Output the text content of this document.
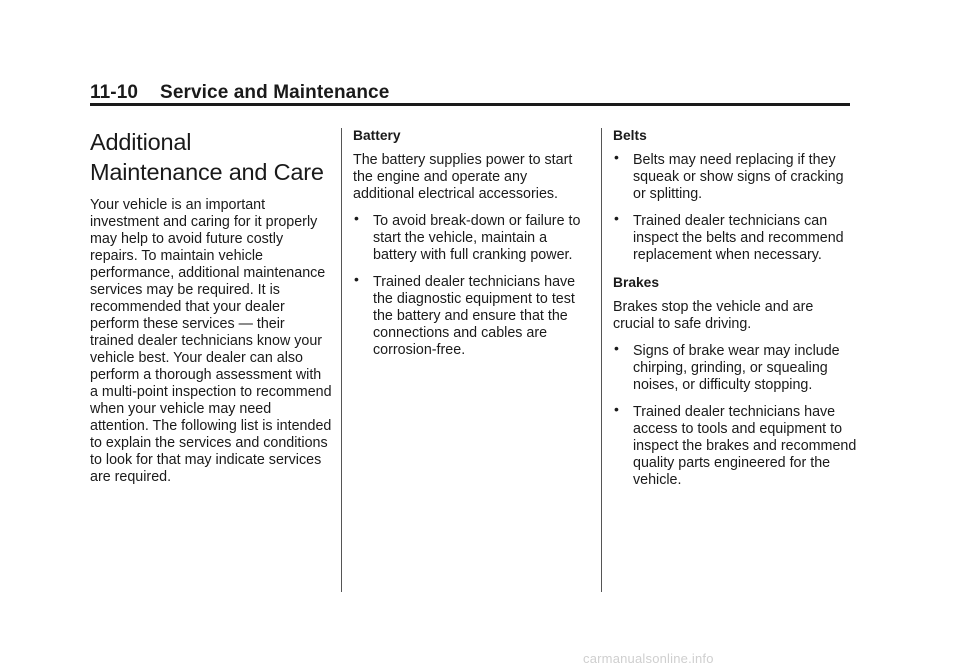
11-10 Service and Maintenance
Additional
Maintenance and Care

Your vehicle is an important investment and caring for it properly may help to avoid future costly repairs. To maintain vehicle performance, additional maintenance services may be required. It is recommended that your dealer perform these services — their trained dealer technicians know your vehicle best. Your dealer can also perform a thorough assessment with a multi-point inspection to recommend when your vehicle may need attention. The following list is intended to explain the services and conditions to look for that may indicate services are required.

Battery

The battery supplies power to start the engine and operate any additional electrical accessories.

• To avoid break-down or failure to start the vehicle, maintain a battery with full cranking power.
• Trained dealer technicians have the diagnostic equipment to test the battery and ensure that the connections and cables are corrosion-free.
Belts
• Belts may need replacing if they squeak or show signs of cracking or splitting.
• Trained dealer technicians can inspect the belts and recommend replacement when necessary.
Brakes

Brakes stop the vehicle and are crucial to safe driving.

• Signs of brake wear may include chirping, grinding, or squealing noises, or difficulty stopping.
• Trained dealer technicians have access to tools and equipment to inspect the brakes and recommend quality parts engineered for the vehicle.
carmanualsonline.info
